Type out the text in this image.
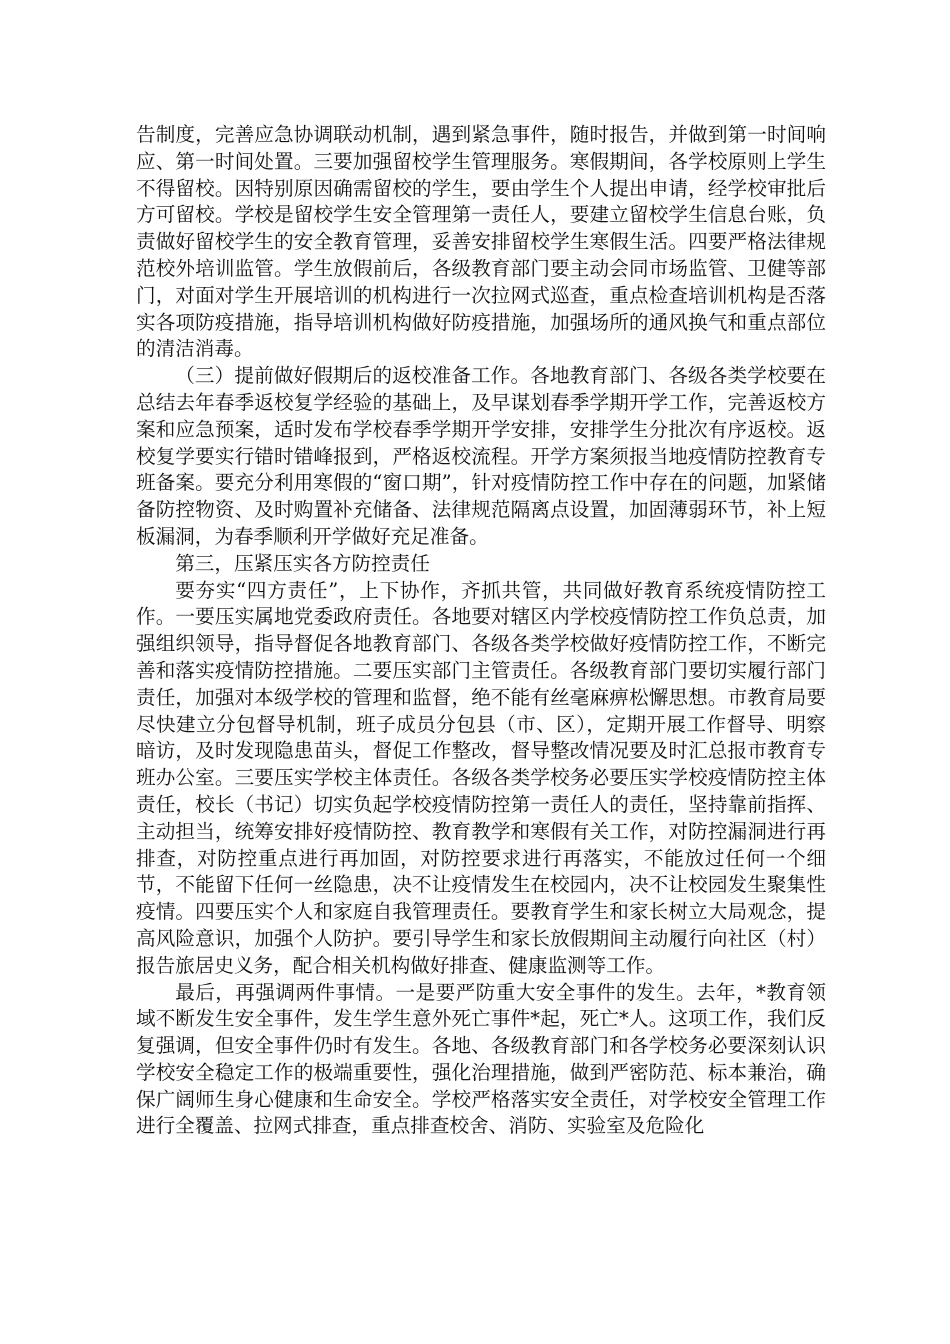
告制度，完善应急协调联动机制，遇到紧急事件，随时报告，并做到第一时间响应、第一时间处置。三要加强留校学生管理服务。寒假期间，各学校原则上学生不得留校。因特别原因确需留校的学生，要由学生个人提出申请，经学校审批后方可留校。学校是留校学生安全管理第一责任人，要建立留校学生信息台账，负责做好留校学生的安全教育管理，妥善安排留校学生寒假生活。四要严格法律规范校外培训监管。学生放假前后，各级教育部门要主动会同市场监管、卫健等部门，对面对学生开展培训的机构进行一次拉网式巡查，重点检查培训机构是否落实各项防疫措施，指导培训机构做好防疫措施，加强场所的通风换气和重点部位的清洁消毒。

（三）提前做好假期后的返校准备工作。各地教育部门、各级各类学校要在总结去年春季返校复学经验的基础上，及早谋划春季学期开学工作，完善返校方案和应急预案，适时发布学校春季学期开学安排，安排学生分批次有序返校。返校复学要实行错时错峰报到，严格返校流程。开学方案须报当地疫情防控教育专班备案。要充分利用寒假的“窗口期”，针对疫情防控工作中存在的问题，加紧储备防控物资、及时购置补充储备、法律规范隔离点设置，加固薄弱环节，补上短板漏洞，为春季顺利开学做好充足准备。

第三，压紧压实各方防控责任

要夯实“四方责任”，上下协作，齐抓共管，共同做好教育系统疫情防控工作。一要压实属地党委政府责任。各地要对辖区内学校疫情防控工作负总责，加强组织领导，指导督促各地教育部门、各级各类学校做好疫情防控工作，不断完善和落实疫情防控措施。二要压实部门主管责任。各级教育部门要切实履行部门责任，加强对本级学校的管理和监督，绝不能有丝毫麻痹松懈思想。市教育局要尽快建立分包督导机制，班子成员分包县（市、区），定期开展工作督导、明察暗访，及时发现隐患苗头，督促工作整改，督导整改情况要及时汇总报市教育专班办公室。三要压实学校主体责任。各级各类学校务必要压实学校疫情防控主体责任，校长（书记）切实负起学校疫情防控第一责任人的责任，坚持靠前指挥、主动担当，统筹安排好疫情防控、教育教学和寒假有关工作，对防控漏洞进行再排查，对防控重点进行再加固，对防控要求进行再落实，不能放过任何一个细节，不能留下任何一丝隐患，决不让疫情发生在校园内，决不让校园发生聚集性疫情。四要压实个人和家庭自我管理责任。要教育学生和家长树立大局观念，提高风险意识，加强个人防护。要引导学生和家长放假期间主动履行向社区（村）报告旅居史义务，配合相关机构做好排查、健康监测等工作。

最后，再强调两件事情。一是要严防重大安全事件的发生。去年，*教育领域不断发生安全事件，发生学生意外死亡事件*起，死亡*人。这项工作，我们反复强调，但安全事件仍时有发生。各地、各级教育部门和各学校务必要深刻认识学校安全稳定工作的极端重要性，强化治理措施，做到严密防范、标本兼治，确保广阔师生身心健康和生命安全。学校严格落实安全责任，对学校安全管理工作进行全覆盖、拉网式排查，重点排查校舍、消防、实验室及危险化
